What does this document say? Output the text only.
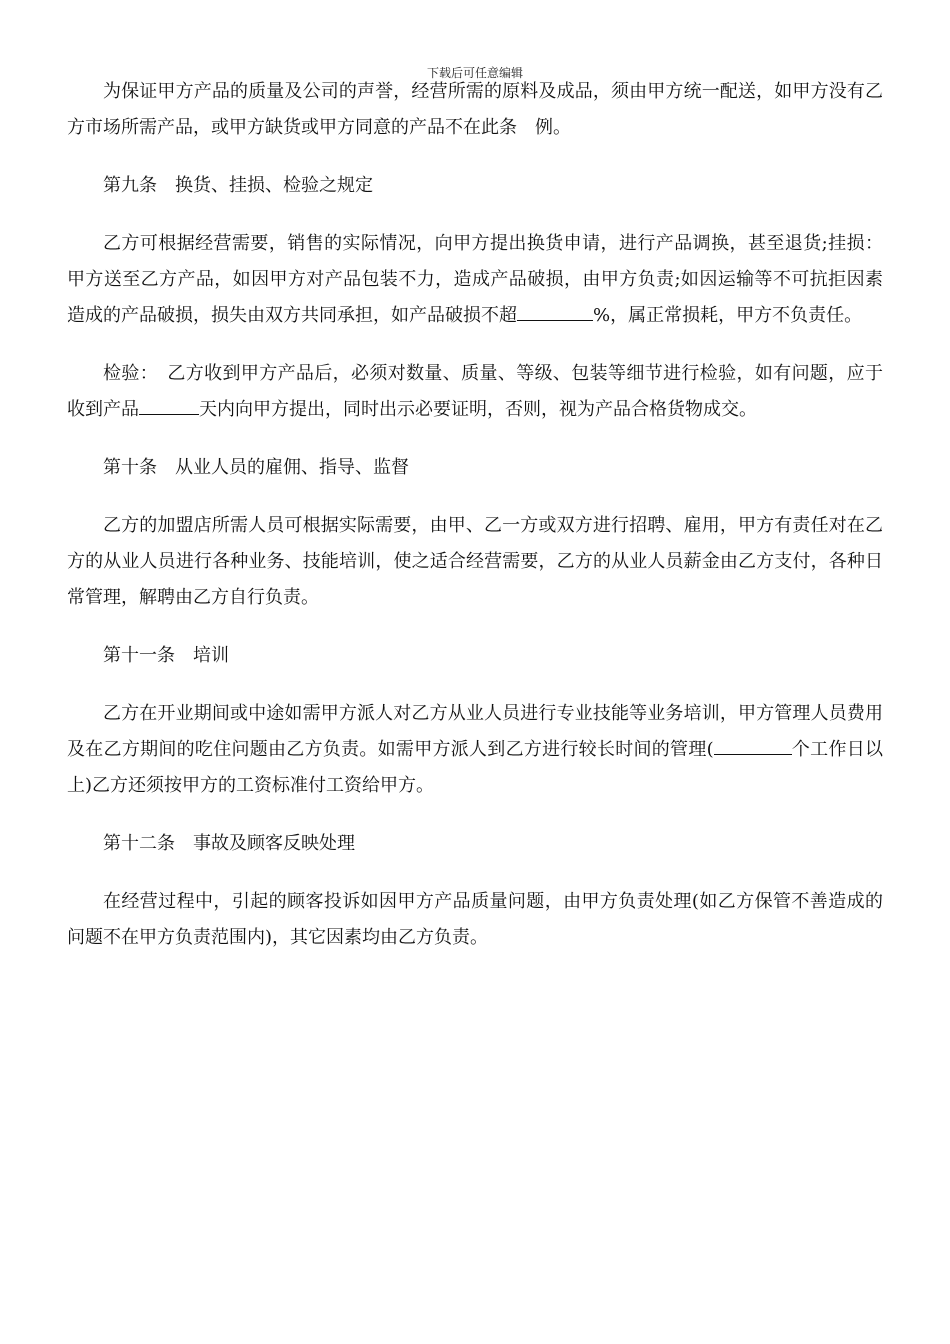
下载后可任意编辑

为保证甲方产品的质量及公司的声誉，经营所需的原料及成品，须由甲方统一配送，如甲方没有乙方市场所需产品，或甲方缺货或甲方同意的产品不在此条　例。

第九条　换货、挂损、检验之规定

乙方可根据经营需要，销售的实际情况，向甲方提出换货申请，进行产品调换，甚至退货;挂损：甲方送至乙方产品，如因甲方对产品包装不力，造成产品破损，由甲方负责;如因运输等不可抗拒因素造成的产品破损，损失由双方共同承担，如产品破损不超	%，属正常损耗，甲方不负责任。

检验：　乙方收到甲方产品后，必须对数量、质量、等级、包装等细节进行检验，如有问题，应于收到产品	天内向甲方提出，同时出示必要证明，否则，视为产品合格货物成交。

第十条　从业人员的雇佣、指导、监督

乙方的加盟店所需人员可根据实际需要，由甲、乙一方或双方进行招聘、雇用，甲方有责任对在乙方的从业人员进行各种业务、技能培训，使之适合经营需要，乙方的从业人员薪金由乙方支付，各种日常管理，解聘由乙方自行负责。

第十一条　培训

乙方在开业期间或中途如需甲方派人对乙方从业人员进行专业技能等业务培训，甲方管理人员费用及在乙方期间的吃住问题由乙方负责。如需甲方派人到乙方进行较长时间的管理(	个工作日以上)乙方还须按甲方的工资标准付工资给甲方。

第十二条　事故及顾客反映处理

在经营过程中，引起的顾客投诉如因甲方产品质量问题，由甲方负责处理(如乙方保管不善造成的问题不在甲方负责范围内)，其它因素均由乙方负责。
